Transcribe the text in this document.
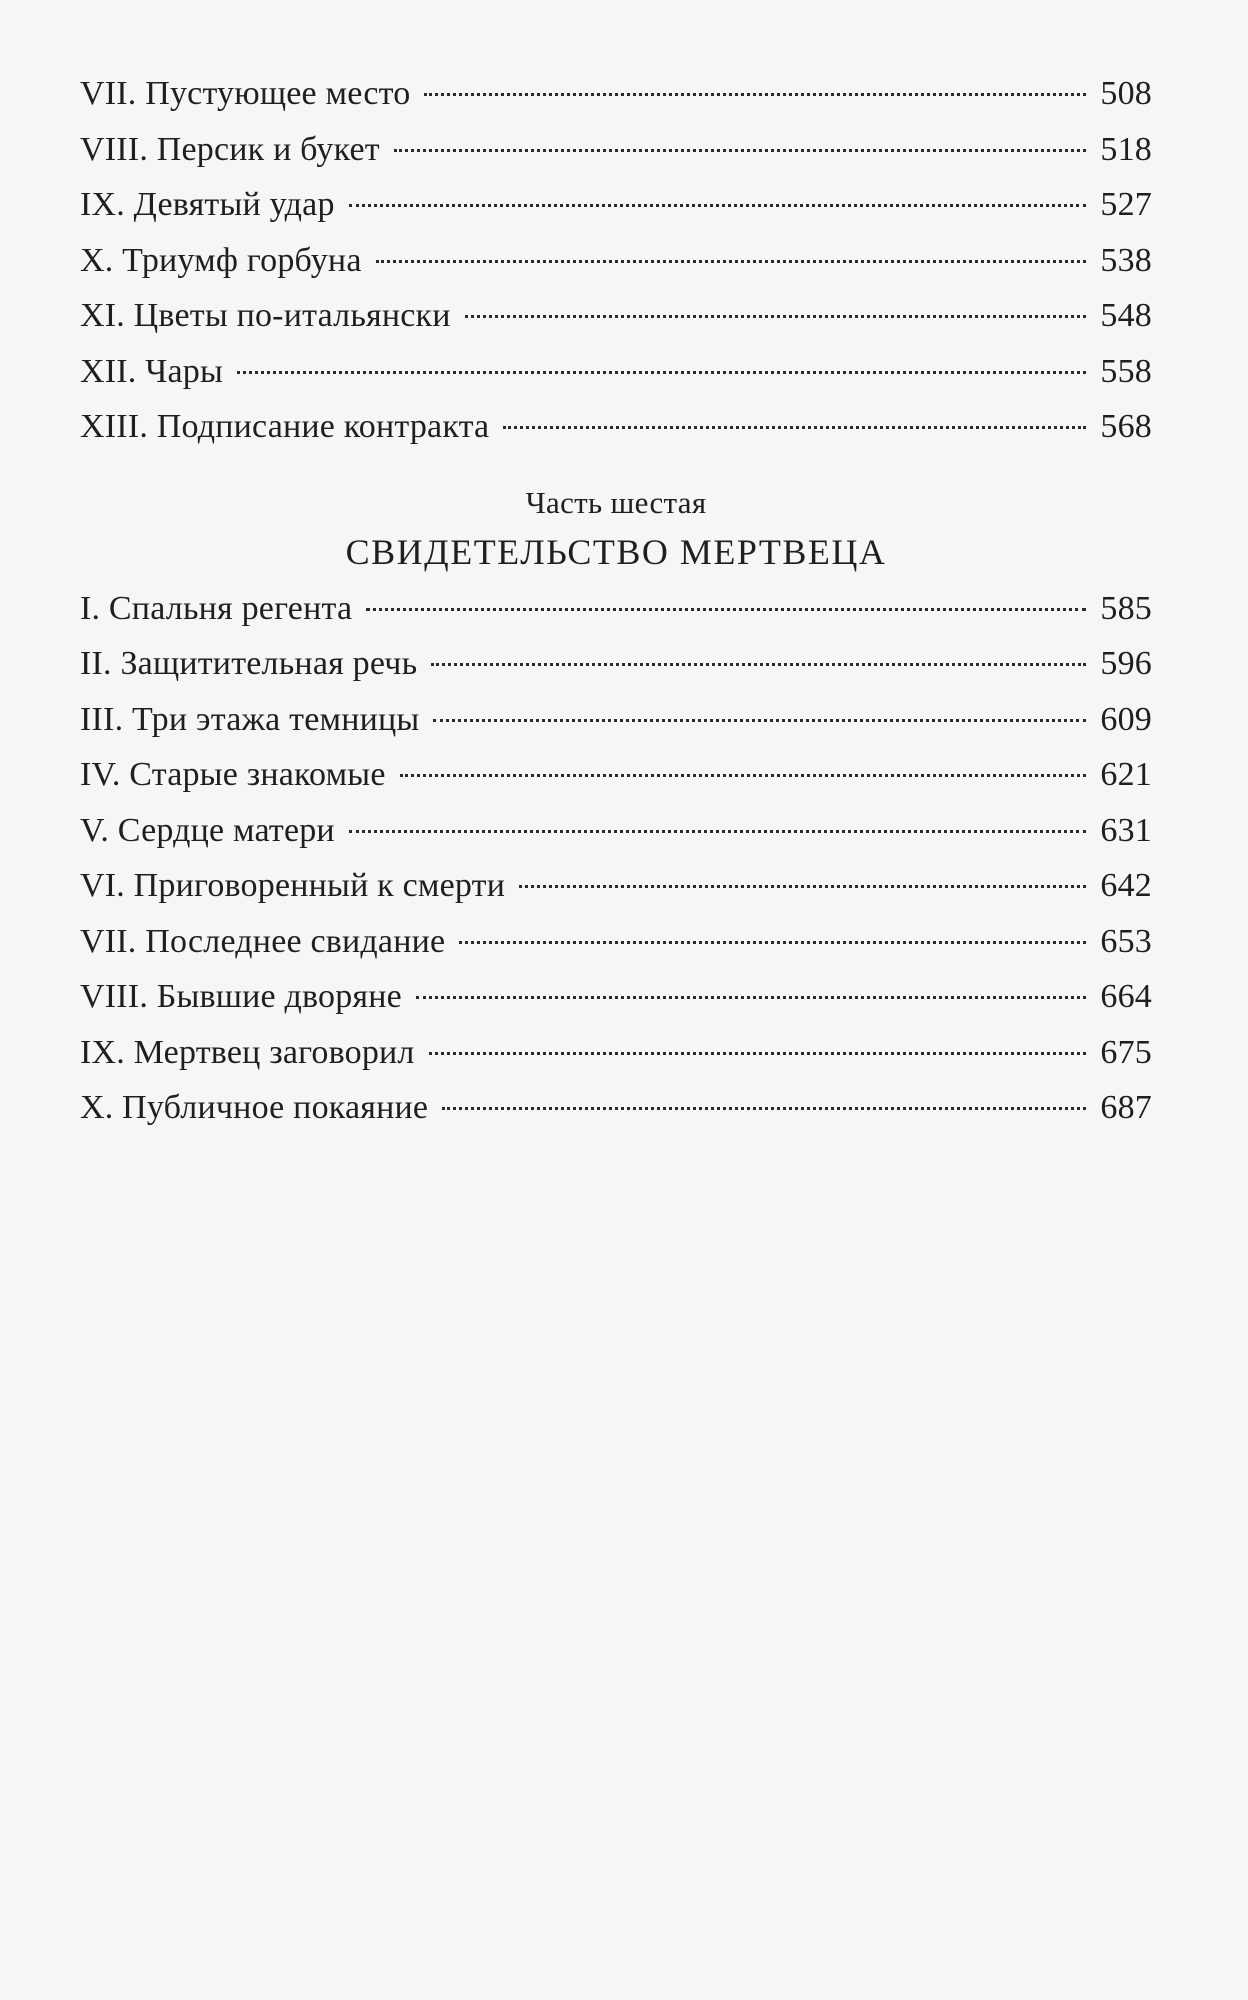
VII. Пустующее место	508
VIII. Персик и букет	518
IX. Девятый удар	527
X. Триумф горбуна	538
XI. Цветы по-итальянски	548
XII. Чары	558
XIII. Подписание контракта	568
Часть шестая
СВИДЕТЕЛЬСТВО МЕРТВЕЦА
I. Спальня регента	585
II. Защитительная речь	596
III. Три этажа темницы	609
IV. Старые знакомые	621
V. Сердце матери	631
VI. Приговоренный к смерти	642
VII. Последнее свидание	653
VIII. Бывшие дворяне	664
IX. Мертвец заговорил	675
X. Публичное покаяние	687
